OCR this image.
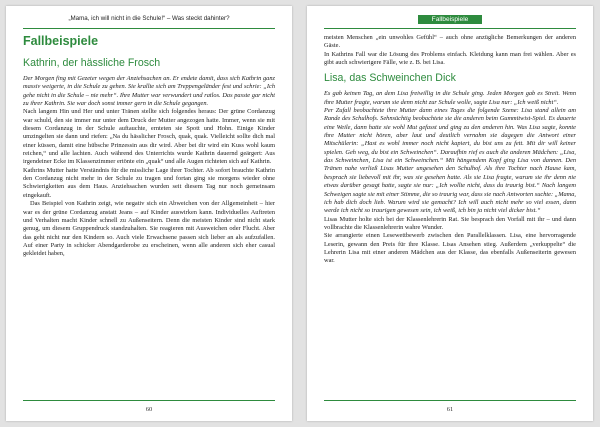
„Mama, ich will nicht in die Schule!“ – Was steckt dahinter?
Fallbeispiele
Kathrin, der hässliche Frosch

Der Morgen fing mit Gezeter wegen der Anziehsachen an. Er endete damit, dass sich Kathrin ganz massiv weigerte, in die Schule zu gehen. Sie krallte sich am Treppengeländer fest und schrie: „Ich gehe nicht in die Schule – nie mehr“. Ihre Mutter war verwundert und ratlos. Das passte gar nicht zu ihrer Kathrin. Sie war doch sonst immer gern in die Schule gegangen.

Nach langem Hin und Her und unter Tränen stellte sich folgendes heraus: Der grüne Cordanzug war schuld, den sie immer nur unter dem Druck der Mutter angezogen hatte. Immer, wenn sie mit diesem Cordanzug in der Schule auftauchte, ernteten sie Spott und Hohn. Einige Kinder umzingelten sie dann und riefen: „Na du hässlicher Frosch, quak, quak. Vielleicht sollte dich mal einer küssen, damit eine hübsche Prinzessin aus dir wird. Aber bei dir wird ein Kuss wohl kaum reichen,“ und alle lachten. Auch während des Unterrichts wurde Kathrin dauernd geärgert: Aus irgendeiner Ecke im Klassenzimmer ertönte ein „quak“ und alle Augen richteten sich auf Kathrin.

Kathrins Mutter hatte Verständnis für die missliche Lage ihrer Tochter. Ab sofort brauchte Kathrin den Cordanzug nicht mehr in der Schule zu tragen und fortan ging sie morgens wieder ohne Schwierigkeiten aus dem Haus. Anziehsachen wurden seit diesem Tag nur noch gemeinsam eingekauft.

Das Beispiel von Kathrin zeigt, wie negativ sich ein Abweichen von der Allgemeinheit – hier war es der grüne Cordanzug anstatt Jeans – auf Kinder auswirken kann. Individuelles Auftreten und Verhalten macht Kinder schnell zu Außenseitern. Denn die meisten Kinder sind nicht stark genug, um diesem Gruppendruck standzuhalten. Sie reagieren mit Ausweichen oder Flucht. Aber das geht nicht nur den Kindern so. Auch viele Erwachsene passen sich lieber an als aufzufallen. Auf einer Party in schicker Abendgarderobe zu erscheinen, wenn alle anderen sich eher casual gekleidet haben,

60
Fallbeispiele

meisten Menschen „ein unwohles Gefühl“ – auch ohne anzügliche Bemerkungen der anderen Gäste.

In Kathrins Fall war die Lösung des Problems einfach. Kleidung kann man frei wählen. Aber es gibt auch schwierigere Fälle, wie z. B. bei Lisa.

Lisa, das Schweinchen Dick

Es gab keinen Tag, an dem Lisa freiwillig in die Schule ging. Jeden Morgen gab es Streit. Wenn ihre Mutter fragte, warum sie denn nicht zur Schule wolle, sagte Lisa nur: „Ich weiß nicht“.

Per Zufall beobachtete ihre Mutter dann eines Tages die folgende Szene: Lisa stand allein am Rande des Schulhofs. Sehnsüchtig beobachtete sie die anderen beim Gummitwist-Spiel. Es dauerte eine Weile, dann hatte sie wohl Mut gefasst und ging zu den anderen hin. Was Lisa sagte, konnte ihre Mutter nicht hören, aber laut und deutlich vernahm sie dagegen die Antwort einer Mitschülerin: „Hast es wohl immer noch nicht kapiert, du bist uns zu fett. Mit dir will keiner spielen. Geh weg, du bist ein Schweinchen“. Daraufhin rief es auch die anderen Mädchen: „Lisa, das Schweinchen, Lisa ist ein Schweinchen.“ Mit hängendem Kopf ging Lisa von dannen. Den Tränen nahe verließ Lisas Mutter ungesehen den Schulhof. Als ihre Tochter nach Hause kam, besprach sie liebevoll mit ihr, was sie gesehen hatte. Als sie Lisa fragte, warum sie ihr denn nie etwas darüber gesagt hatte, sagte sie nur: „Ich wollte nicht, dass du traurig bist.“ Nach langem Schweigen sagte sie mit einer Stimme, die so traurig war, dass sie nach Antworten suchte: „Mama, ich hab dich doch lieb. Warum wird sie gemacht? Ich will auch nicht mehr so viel essen, dann werde ich nicht so traurigen gewesen sein, ich weiß, ich bin ja nicht viel dicker bist.“

Lisas Mutter holte sich bei der Klassenlehrerin Rat. Sie besprach den Vorfall mit ihr – und dann vollbrachte die Klassenlehrerin wahre Wunder.

Sie arrangierte einen Lesewettbewerb zwischen den Parallelklassen. Lisa, eine hervorragende Leserin, gewann den Preis für ihre Klasse. Lisas Ansehen stieg. Außerdem „verkuppelte“ die Lehrerin Lisa mit einer anderen Mädchen aus der Klasse, das ebenfalls Außenseiterin gewesen war.

61
